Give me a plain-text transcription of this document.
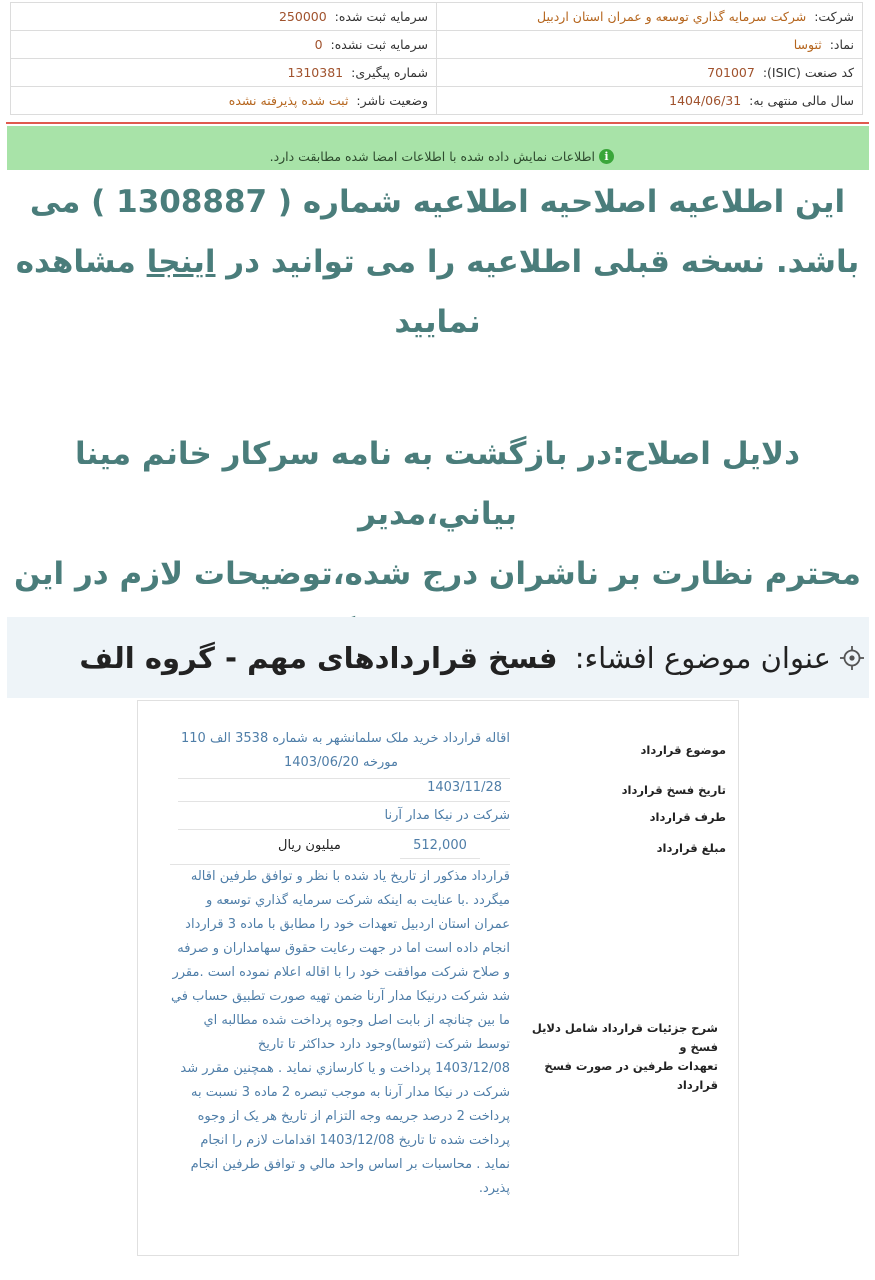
شرکت: شرکت سرمايه گذاري توسعه و عمران استان اردبيل	سرمایه ثبت شده: 250000
نماد: ثتوسا	سرمایه ثبت نشده: 0
کد صنعت (ISIC): 701007	شماره پیگیری: 1310381
سال مالی منتهی به: 1404/06/31	وضعیت ناشر: ثبت شده پذیرفته نشده
i
اطلاعات نمایش داده شده با اطلاعات امضا شده مطابقت دارد.
این اطلاعیه اصلاحیه اطلاعیه شماره ( 1308887 ) می
باشد. نسخه قبلی اطلاعیه را می توانید در اینجا مشاهده
نمایید
دلايل اصلاح:در بازگشت به نامه سرکار خانم مينا بياني،مدير
محترم نظارت بر ناشران درج شده،توضيحات لازم در اين
عنوان موضوع افشاء: فسخ قراردادهای مهم - گروه الف
موضوع قرارداد
اقاله قرارداد خريد ملک سلمانشهر به شماره 3538 الف 110
مورخه 1403/06/20
تاریخ فسخ قرارداد
1403/11/28
طرف قرارداد
شرکت در نيکا مدار آرنا
مبلغ قرارداد
512,000
میلیون ریال
شرح جزئیات قرارداد شامل دلایل فسخ و
تعهدات طرفین در صورت فسخ قرارداد
قرارداد مذکور از تاريخ ياد شده با نظر و توافق طرفين اقاله
ميگردد .با عنايت به اينکه شرکت سرمايه گذاري توسعه و
عمران استان اردبيل تعهدات خود را مطابق با ماده 3 قرارداد
انجام داده است اما در جهت رعايت حقوق سهامداران و صرفه
و صلاح شرکت موافقت خود را با اقاله اعلام نموده است .مقرر
شد شرکت درنيکا مدار آرنا ضمن تهيه صورت تطبيق حساب في
ما بين چنانچه از بابت اصل وجوه پرداخت شده مطالبه اي
توسط شرکت (ثتوسا)وجود دارد حداکثر تا تاريخ
1403/12/08 پرداخت و يا کارسازي نمايد . همچنين مقرر شد
شرکت در نيکا مدار آرنا به موجب تبصره 2 ماده 3 نسبت به
پرداخت 2 درصد جريمه وجه التزام از تاريخ هر يک از وجوه
پرداخت شده تا تاريخ 1403/12/08 اقدامات لازم را انجام
نمايد . محاسبات بر اساس واحد مالي و توافق طرفين انجام
پذيرد.
